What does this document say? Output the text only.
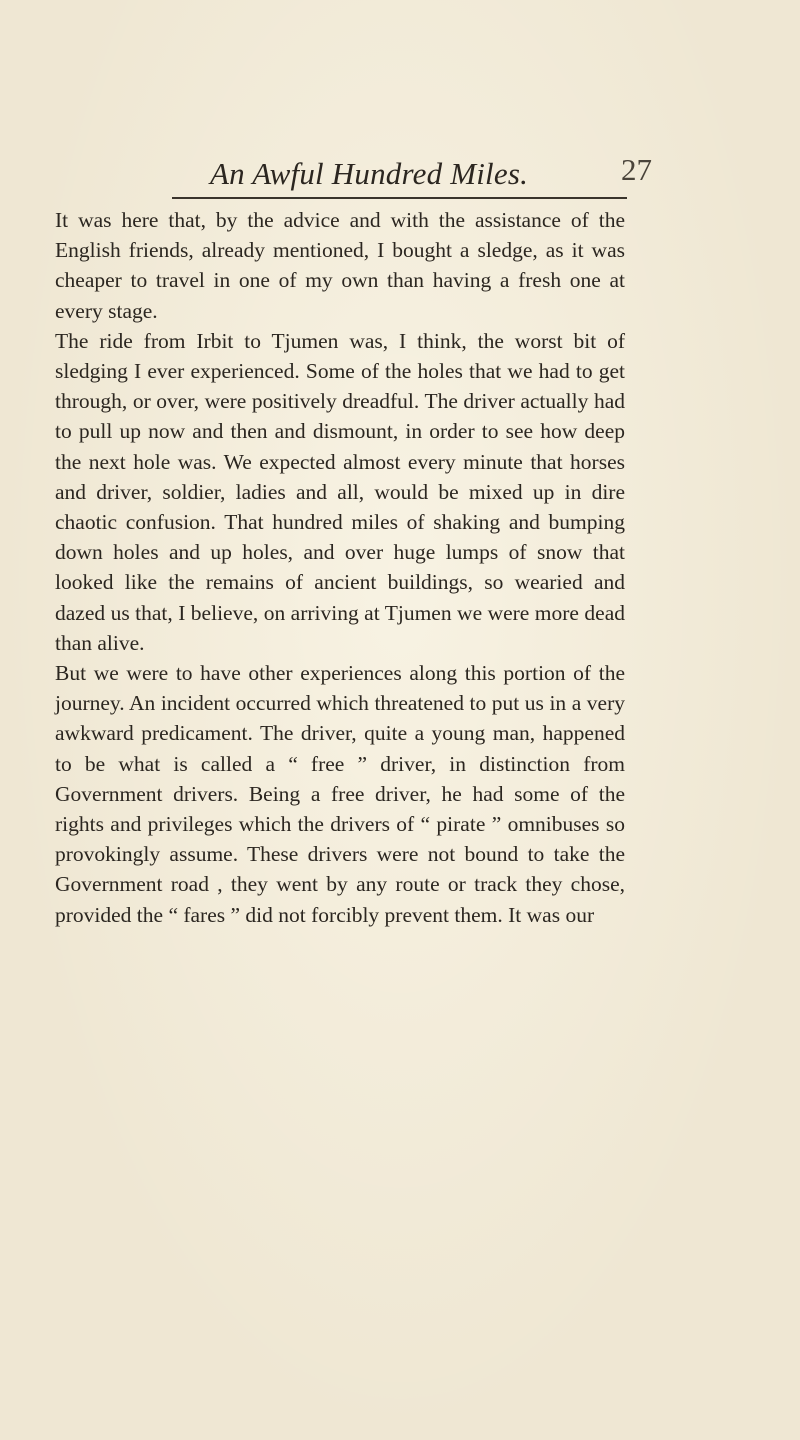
An Awful Hundred Miles.	27

It was here that, by the advice and with the assistance of the English friends, already mentioned, I bought a sledge, as it was cheaper to travel in one of my own than having a fresh one at every stage.

The ride from Irbit to Tjumen was, I think, the worst bit of sledging I ever experienced. Some of the holes that we had to get through, or over, were positively dreadful. The driver actually had to pull up now and then and dismount, in order to see how deep the next hole was. We expected almost every minute that horses and driver, soldier, ladies and all, would be mixed up in dire chaotic confusion. That hundred miles of shaking and bumping down holes and up holes, and over huge lumps of snow that looked like the remains of ancient buildings, so wearied and dazed us that, I believe, on arriving at Tjumen we were more dead than alive.

But we were to have other experiences along this portion of the journey. An incident occurred which threatened to put us in a very awkward predicament. The driver, quite a young man, happened to be what is called a “ free ” driver, in distinction from Government drivers. Being a free driver, he had some of the rights and privileges which the drivers of “ pirate ” omnibuses so provokingly assume. These drivers were not bound to take the Government road , they went by any route or track they chose, provided the “ fares ” did not forcibly prevent them. It was our
